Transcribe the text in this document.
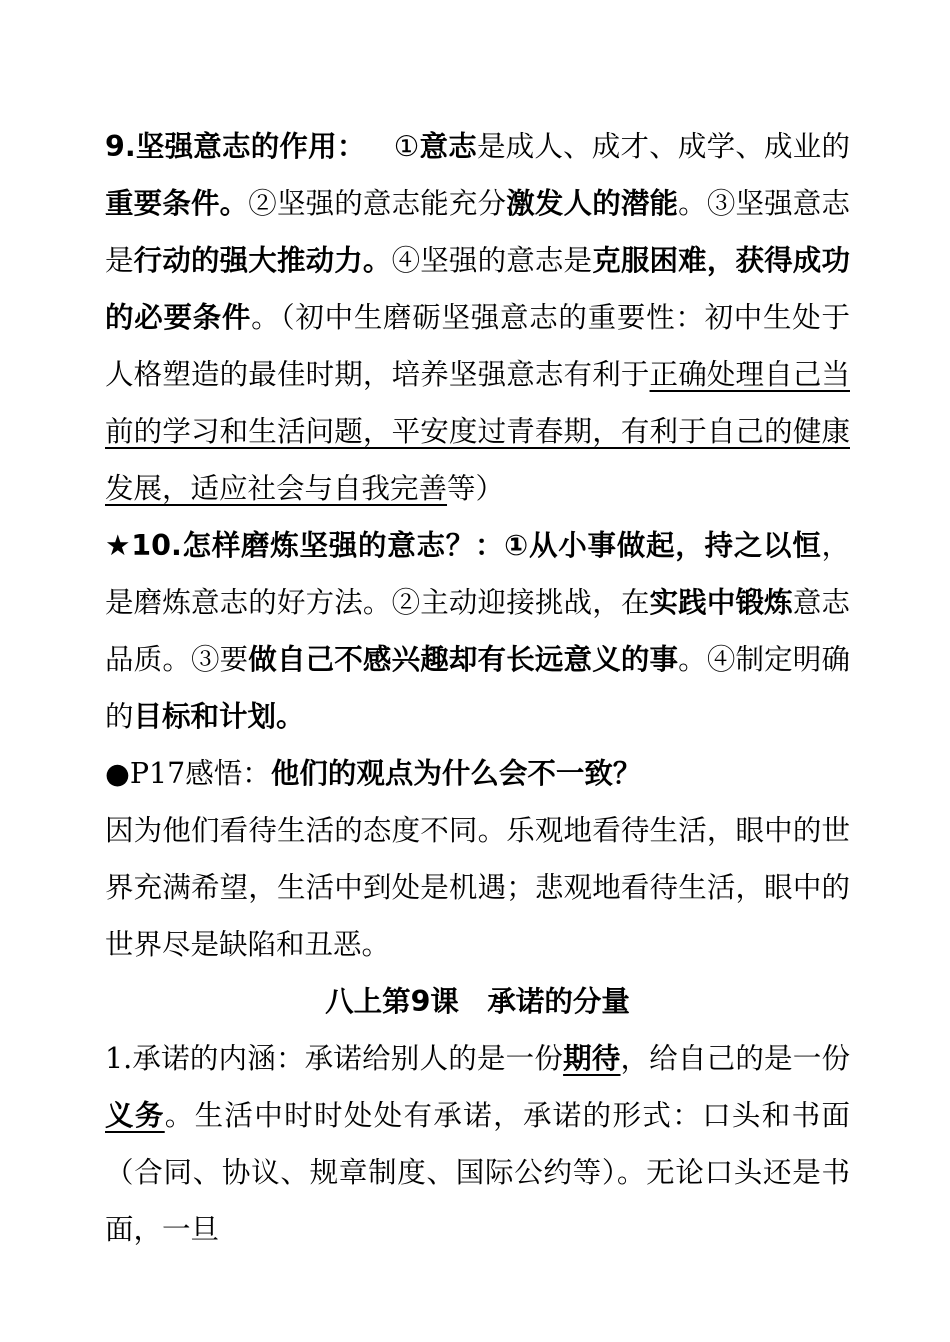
9.坚强意志的作用： ①意志是成人、成才、成学、成业的重要条件。②坚强的意志能充分激发人的潜能。③坚强意志是行动的强大推动力。④坚强的意志是克服困难，获得成功的必要条件。（初中生磨砺坚强意志的重要性：初中生处于人格塑造的最佳时期，培养坚强意志有利于正确处理自己当前的学习和生活问题，平安度过青春期，有利于自己的健康发展，适应社会与自我完善等）

★10.怎样磨炼坚强的意志？：①从小事做起，持之以恒，是磨炼意志的好方法。②主动迎接挑战，在实践中锻炼意志品质。③要做自己不感兴趣却有长远意义的事。④制定明确的目标和计划。

●P17感悟：他们的观点为什么会不一致？

因为他们看待生活的态度不同。乐观地看待生活，眼中的世界充满希望，生活中到处是机遇；悲观地看待生活，眼中的世界尽是缺陷和丑恶。

八上第9课　承诺的分量

1.承诺的内涵：承诺给别人的是一份期待，给自己的是一份义务。生活中时时处处有承诺，承诺的形式：口头和书面（合同、协议、规章制度、国际公约等）。无论口头还是书面，一旦
